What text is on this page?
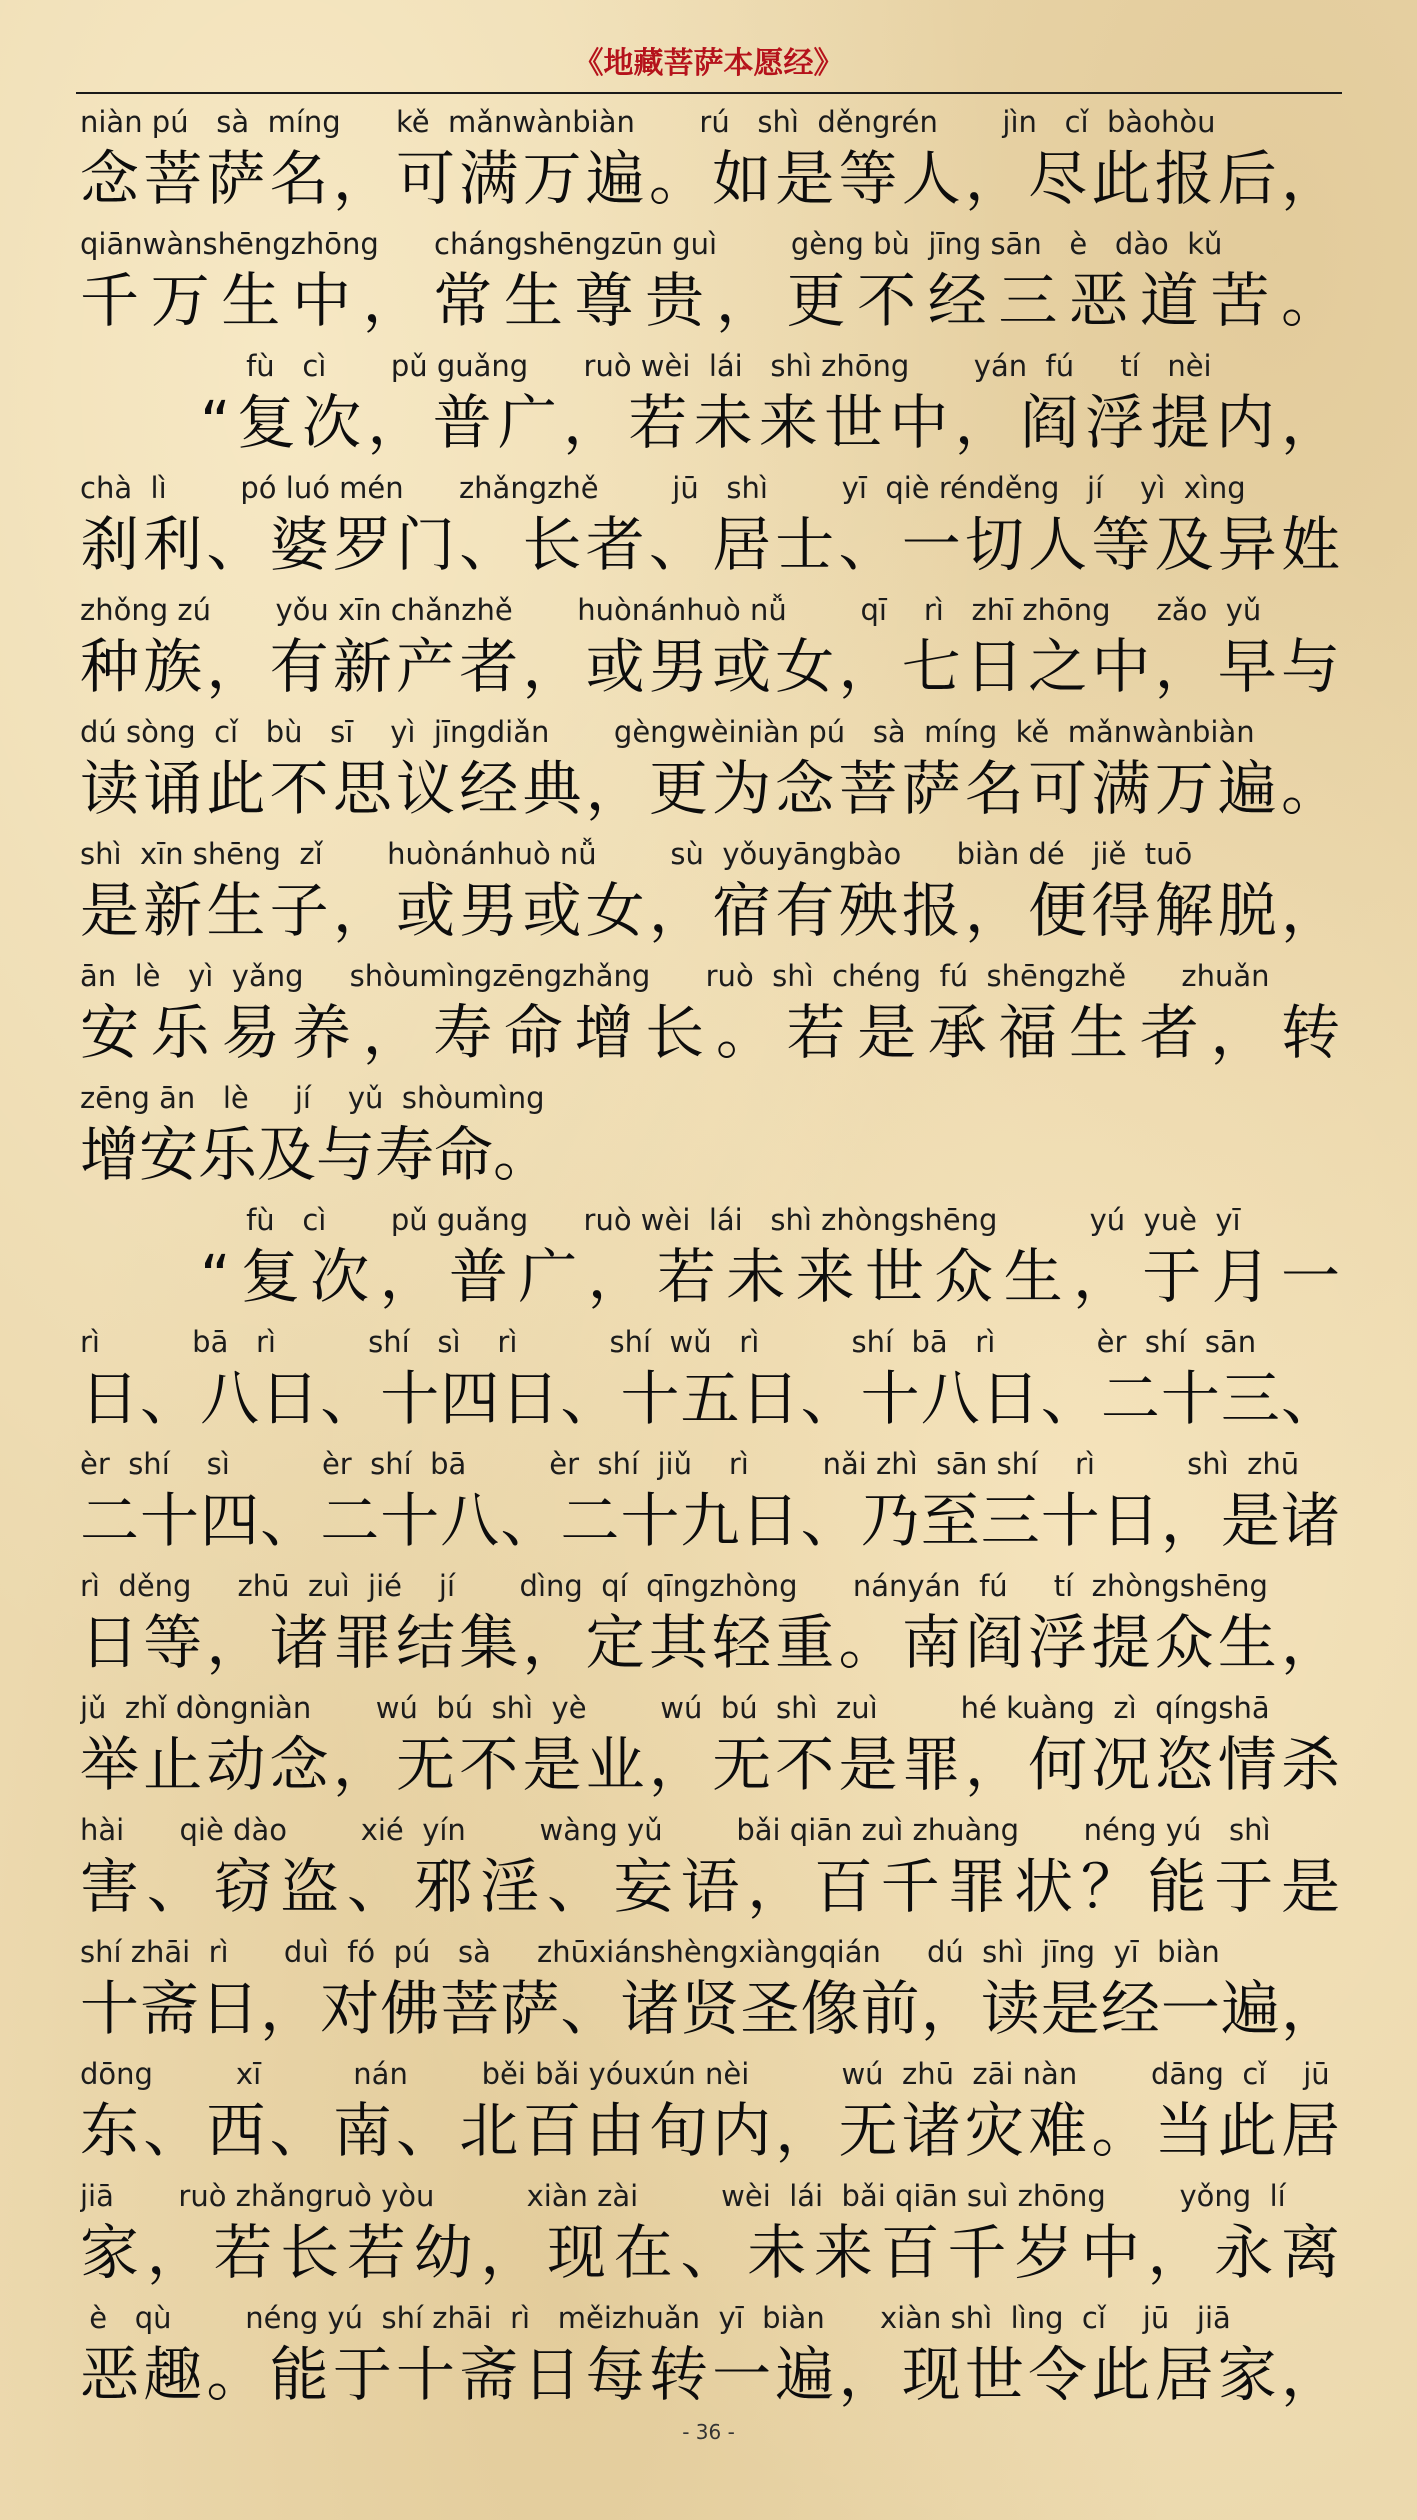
《地藏菩萨本愿经》
niàn pú   sà  míng      kě  mǎnwànbiàn       rú   shì  děngrén       jìn   cǐ  bàohòu
念菩萨名，可满万遍。如是等人，尽此报后，
qiānwànshēngzhōng      chángshēngzūn guì        gèng bù  jīng sān   è   dào  kǔ
千万生中，常生尊贵，更不经三恶道苦。
fù   cì       pǔ guǎng      ruò wèi  lái   shì zhōng       yán  fú     tí   nèi
“复次，普广，若未来世中，阎浮提内，
chà  lì        pó luó mén      zhǎngzhě        jū   shì        yī  qiè rénděng   jí    yì  xìng
刹利、婆罗门、长者、居士、一切人等及异姓
zhǒng zú       yǒu xīn chǎnzhě       huònánhuò nǚ        qī    rì   zhī zhōng     zǎo  yǔ
种族，有新产者，或男或女，七日之中，早与
dú sòng  cǐ   bù   sī    yì  jīngdiǎn       gèngwèiniàn pú   sà  míng  kě  mǎnwànbiàn
读诵此不思议经典，更为念菩萨名可满万遍。
shì  xīn shēng  zǐ       huònánhuò nǚ        sù  yǒuyāngbào      biàn dé   jiě  tuō
是新生子，或男或女，宿有殃报，便得解脱，
ān  lè   yì  yǎng     shòumìngzēngzhǎng      ruò  shì  chéng  fú  shēngzhě      zhuǎn
安乐易养，寿命增长。若是承福生者，转
zēng ān   lè     jí    yǔ  shòumìng
增安乐及与寿命。
fù   cì       pǔ guǎng      ruò wèi  lái   shì zhòngshēng          yú  yuè  yī
“复次，普广，若未来世众生，于月一
rì          bā   rì          shí   sì    rì          shí  wǔ   rì          shí  bā   rì           èr  shí  sān
日、八日、十四日、十五日、十八日、二十三、
èr  shí    sì          èr  shí  bā         èr  shí  jiǔ    rì        nǎi zhì  sān shí    rì          shì  zhū
二十四、二十八、二十九日、乃至三十日，是诸
rì  děng     zhū  zuì  jié    jí       dìng  qí  qīngzhòng      nányán  fú     tí  zhòngshēng
日等，诸罪结集，定其轻重。南阎浮提众生，
jǔ  zhǐ dòngniàn       wú  bú  shì  yè        wú  bú  shì  zuì         hé kuàng  zì  qíngshā
举止动念，无不是业，无不是罪，何况恣情杀
hài      qiè dào        xié  yín        wàng yǔ        bǎi qiān zuì zhuàng       néng yú   shì
害、窃盗、邪淫、妄语，百千罪状？能于是
shí zhāi  rì      duì  fó  pú   sà     zhūxiánshèngxiàngqián     dú  shì  jīng  yī  biàn
十斋日，对佛菩萨、诸贤圣像前，读是经一遍，
dōng         xī          nán        běi bǎi yóuxún nèi          wú  zhū  zāi nàn        dāng  cǐ    jū
东、西、南、北百由旬内，无诸灾难。当此居
jiā       ruò zhǎngruò yòu          xiàn zài         wèi  lái  bǎi qiān suì zhōng        yǒng  lí
家，若长若幼，现在、未来百千岁中，永离
è   qù        néng yú  shí zhāi  rì   měizhuǎn  yī  biàn      xiàn shì  lìng  cǐ    jū   jiā
恶趣。能于十斋日每转一遍，现世令此居家，
- 36 -
